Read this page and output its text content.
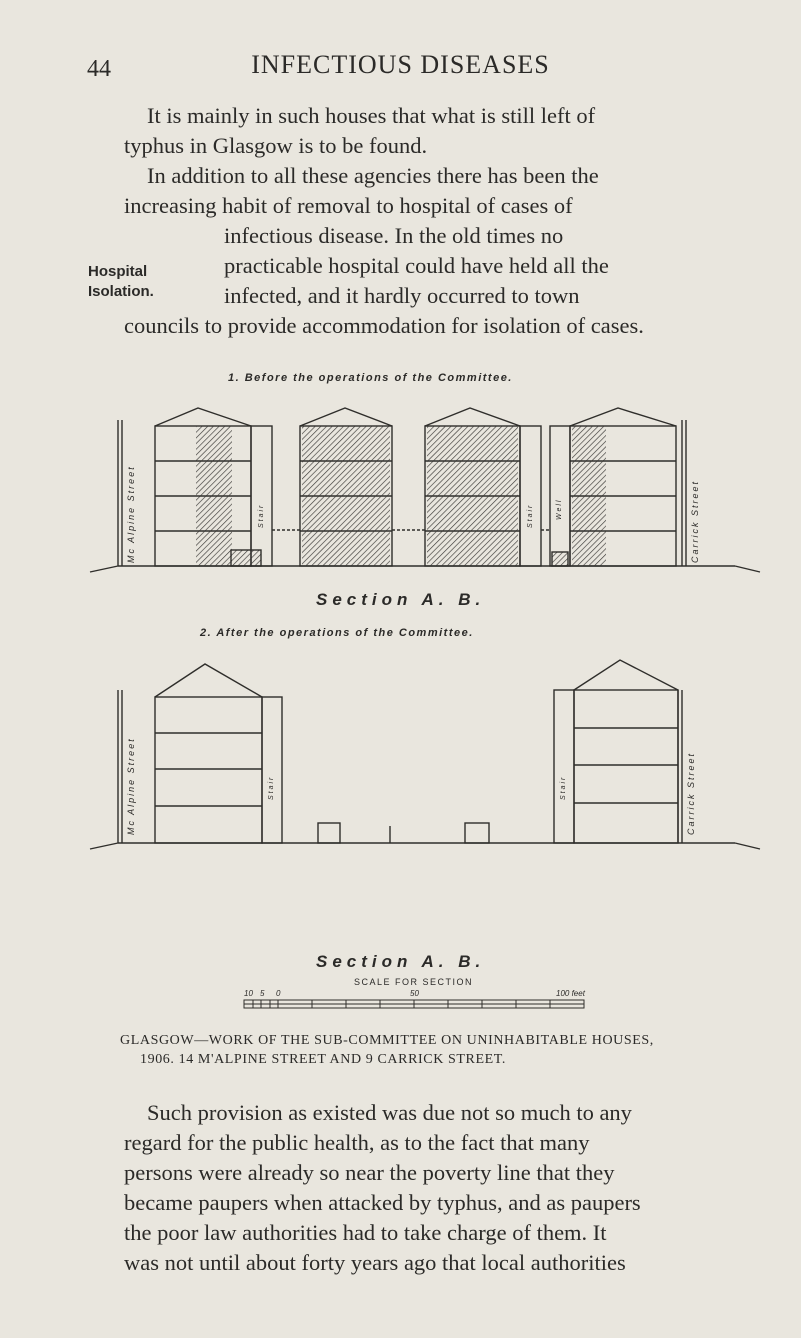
44	INFECTIOUS DISEASES
It is mainly in such houses that what is still left of
typhus in Glasgow is to be found.
In addition to all these agencies there has been the
increasing habit of removal to hospital of cases of
infectious disease. In the old times no
practicable hospital could have held all the
infected, and it hardly occurred to town
councils to provide accommodation for isolation of cases.
Hospital
Isolation.
1. Before the operations of the Committee.
2. After the operations of the Committee.
Mc Alpine Street	Carrick Street
Stair	Stair	Well
Mc Alpine Street	Carrick Street
Stair	Stair
Section A. B.
Section A. B.
SCALE FOR SECTION
10 5 0	50	100 feet
GLASGOW—WORK OF THE SUB-COMMITTEE ON UNINHABITABLE HOUSES,
1906. 14 M'ALPINE STREET AND 9 CARRICK STREET.
Such provision as existed was due not so much to any
regard for the public health, as to the fact that many
persons were already so near the poverty line that they
became paupers when attacked by typhus, and as paupers
the poor law authorities had to take charge of them. It
was not until about forty years ago that local authorities
